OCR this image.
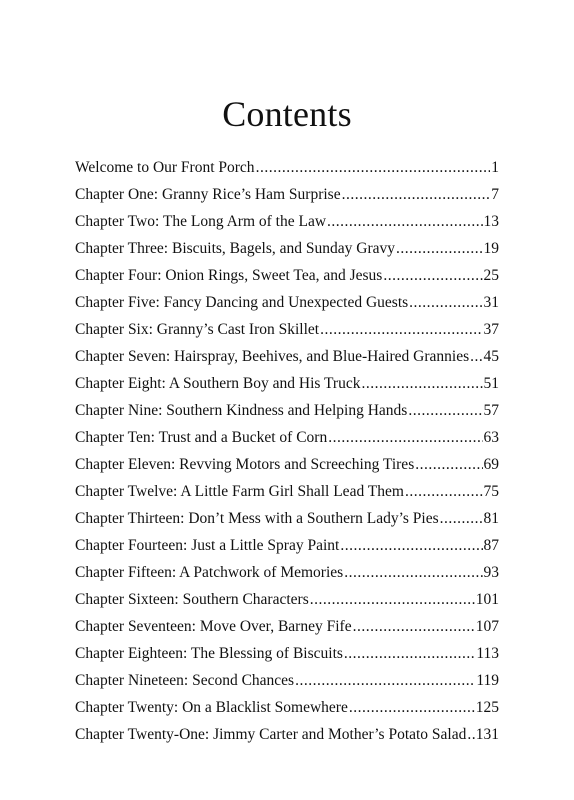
Contents
Welcome to Our Front Porch .....	1
Chapter One: Granny Rice’s Ham Surprise .....	7
Chapter Two: The Long Arm of the Law .....	13
Chapter Three: Biscuits, Bagels, and Sunday Gravy .....	19
Chapter Four: Onion Rings, Sweet Tea, and Jesus .....	25
Chapter Five: Fancy Dancing and Unexpected Guests .....	31
Chapter Six: Granny’s Cast Iron Skillet .....	37
Chapter Seven: Hairspray, Beehives, and Blue-Haired Grannies ..... 45
Chapter Eight: A Southern Boy and His Truck .....	51
Chapter Nine: Southern Kindness and Helping Hands .....	57
Chapter Ten: Trust and a Bucket of Corn .....	63
Chapter Eleven: Revving Motors and Screeching Tires .....	69
Chapter Twelve: A Little Farm Girl Shall Lead Them .....	75
Chapter Thirteen: Don’t Mess with a Southern Lady’s Pies .....	81
Chapter Fourteen: Just a Little Spray Paint .....	87
Chapter Fifteen: A Patchwork of Memories .....	93
Chapter Sixteen: Southern Characters .....	101
Chapter Seventeen: Move Over, Barney Fife .....	107
Chapter Eighteen: The Blessing of Biscuits .....	113
Chapter Nineteen: Second Chances .....	119
Chapter Twenty: On a Blacklist Somewhere .....	125
Chapter Twenty-One: Jimmy Carter and Mother’s Potato Salad ..... 131
